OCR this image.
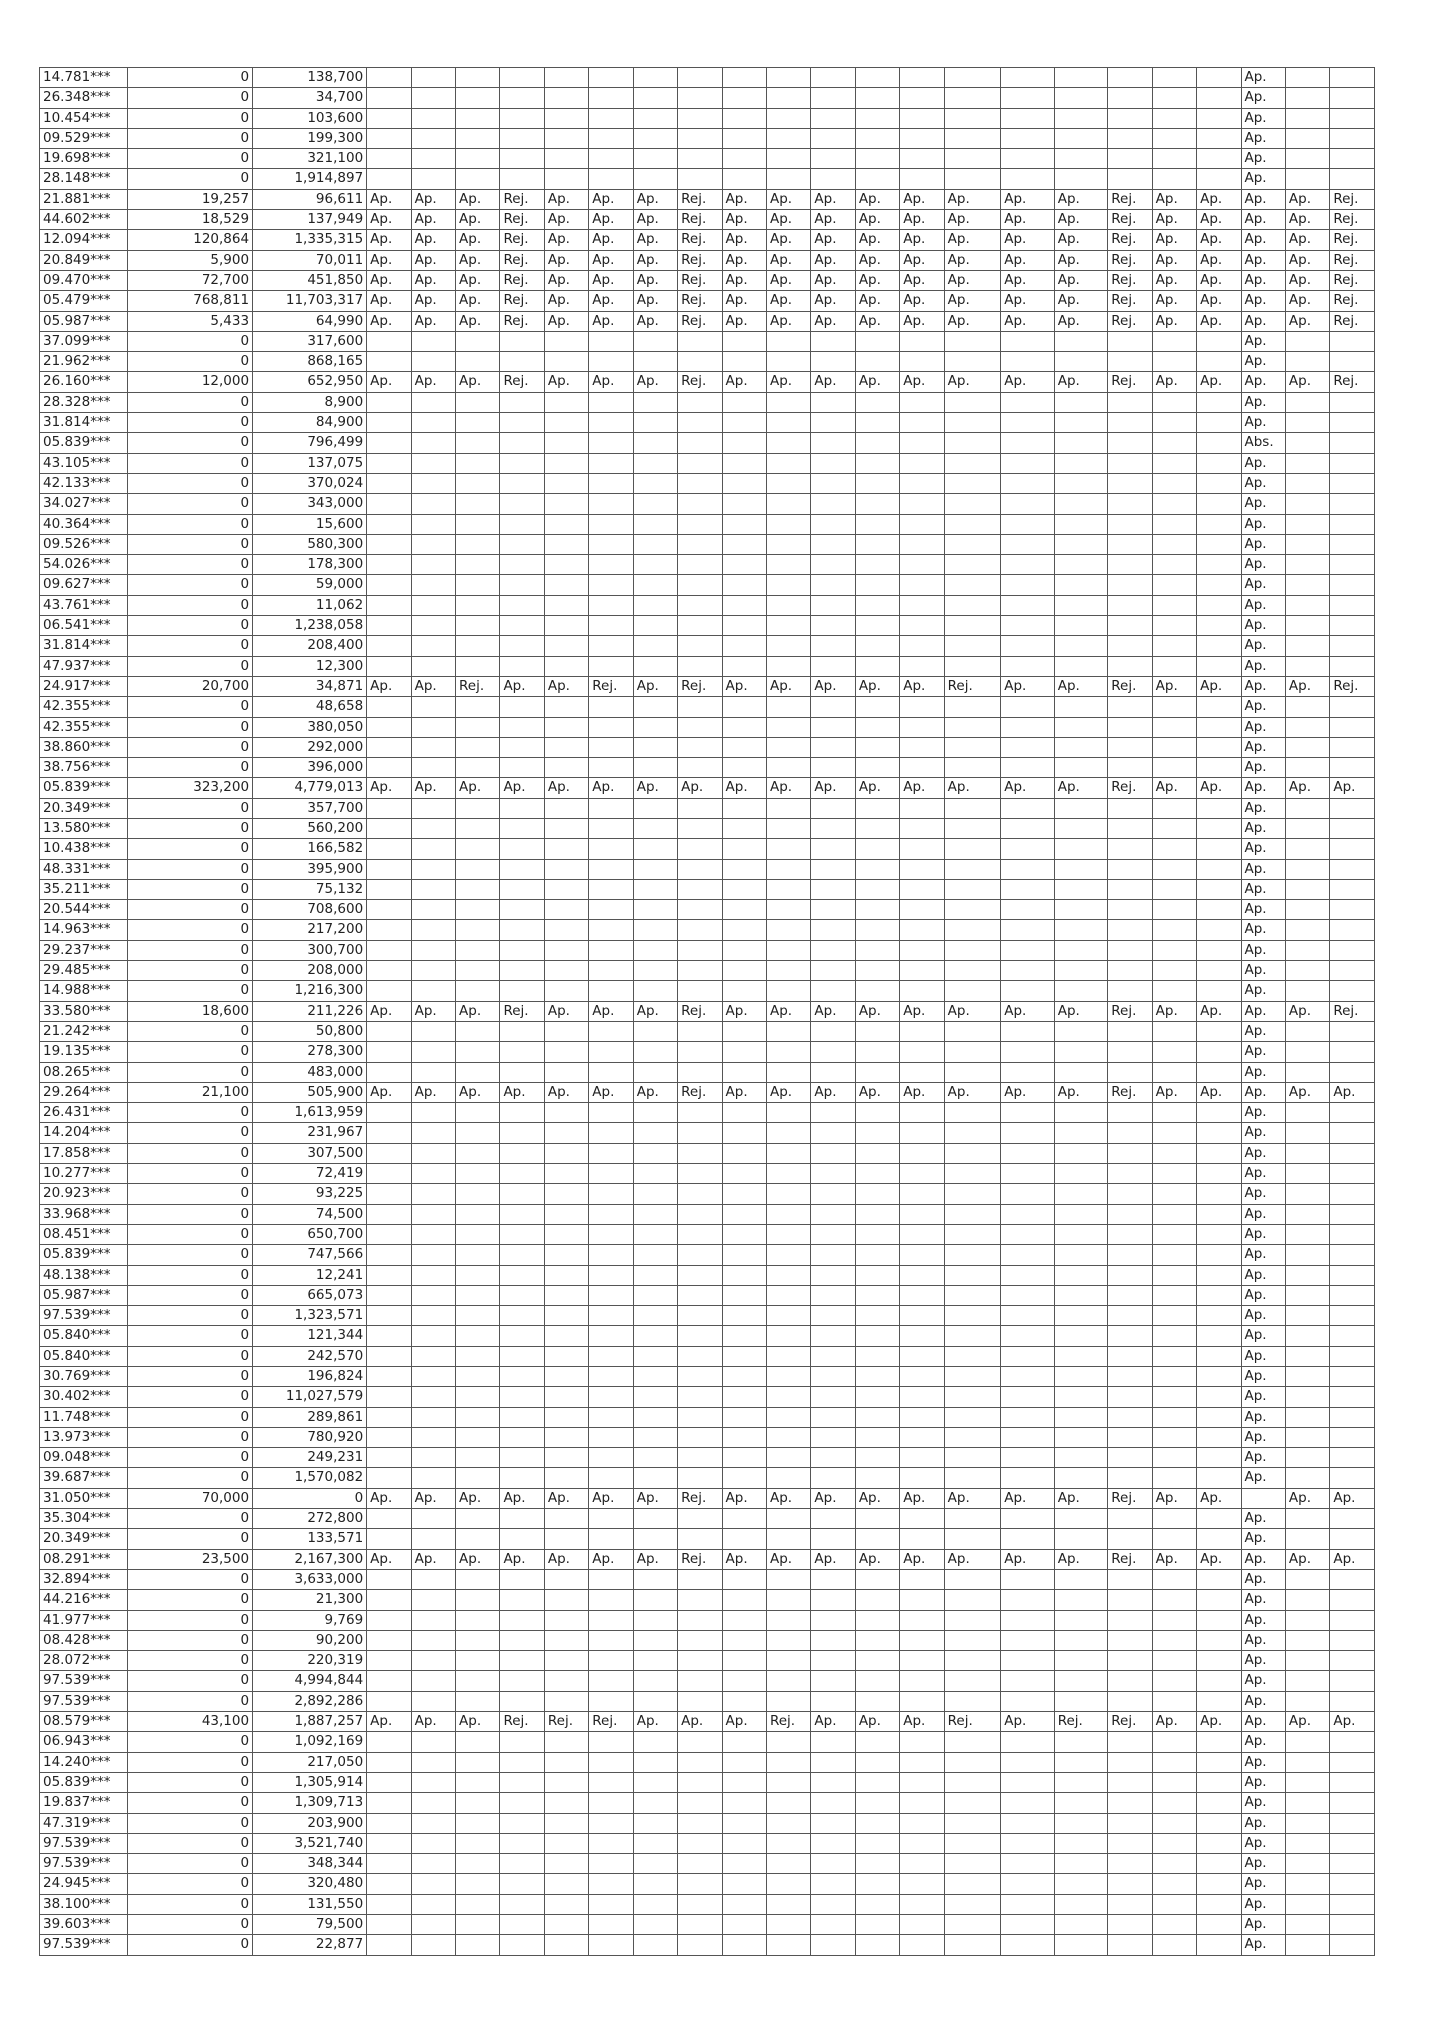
14.781***	0	138,700																				Ap.		
26.348***	0	34,700																				Ap.		
10.454***	0	103,600																				Ap.		
09.529***	0	199,300																				Ap.		
19.698***	0	321,100																				Ap.		
28.148***	0	1,914,897																				Ap.		
21.881***	19,257	96,611	Ap.	Ap.	Ap.	Rej.	Ap.	Ap.	Ap.	Rej.	Ap.	Ap.	Ap.	Ap.	Ap.	Ap.	Ap.	Ap.	Rej.	Ap.	Ap.	Ap.	Ap.	Rej.
44.602***	18,529	137,949	Ap.	Ap.	Ap.	Rej.	Ap.	Ap.	Ap.	Rej.	Ap.	Ap.	Ap.	Ap.	Ap.	Ap.	Ap.	Ap.	Rej.	Ap.	Ap.	Ap.	Ap.	Rej.
12.094***	120,864	1,335,315	Ap.	Ap.	Ap.	Rej.	Ap.	Ap.	Ap.	Rej.	Ap.	Ap.	Ap.	Ap.	Ap.	Ap.	Ap.	Ap.	Rej.	Ap.	Ap.	Ap.	Ap.	Rej.
20.849***	5,900	70,011	Ap.	Ap.	Ap.	Rej.	Ap.	Ap.	Ap.	Rej.	Ap.	Ap.	Ap.	Ap.	Ap.	Ap.	Ap.	Ap.	Rej.	Ap.	Ap.	Ap.	Ap.	Rej.
09.470***	72,700	451,850	Ap.	Ap.	Ap.	Rej.	Ap.	Ap.	Ap.	Rej.	Ap.	Ap.	Ap.	Ap.	Ap.	Ap.	Ap.	Ap.	Rej.	Ap.	Ap.	Ap.	Ap.	Rej.
05.479***	768,811	11,703,317	Ap.	Ap.	Ap.	Rej.	Ap.	Ap.	Ap.	Rej.	Ap.	Ap.	Ap.	Ap.	Ap.	Ap.	Ap.	Ap.	Rej.	Ap.	Ap.	Ap.	Ap.	Rej.
05.987***	5,433	64,990	Ap.	Ap.	Ap.	Rej.	Ap.	Ap.	Ap.	Rej.	Ap.	Ap.	Ap.	Ap.	Ap.	Ap.	Ap.	Ap.	Rej.	Ap.	Ap.	Ap.	Ap.	Rej.
37.099***	0	317,600																				Ap.		
21.962***	0	868,165																				Ap.		
26.160***	12,000	652,950	Ap.	Ap.	Ap.	Rej.	Ap.	Ap.	Ap.	Rej.	Ap.	Ap.	Ap.	Ap.	Ap.	Ap.	Ap.	Ap.	Rej.	Ap.	Ap.	Ap.	Ap.	Rej.
28.328***	0	8,900																				Ap.		
31.814***	0	84,900																				Ap.		
05.839***	0	796,499																				Abs.		
43.105***	0	137,075																				Ap.		
42.133***	0	370,024																				Ap.		
34.027***	0	343,000																				Ap.		
40.364***	0	15,600																				Ap.		
09.526***	0	580,300																				Ap.		
54.026***	0	178,300																				Ap.		
09.627***	0	59,000																				Ap.		
43.761***	0	11,062																				Ap.		
06.541***	0	1,238,058																				Ap.		
31.814***	0	208,400																				Ap.		
47.937***	0	12,300																				Ap.		
24.917***	20,700	34,871	Ap.	Ap.	Rej.	Ap.	Ap.	Rej.	Ap.	Rej.	Ap.	Ap.	Ap.	Ap.	Ap.	Rej.	Ap.	Ap.	Rej.	Ap.	Ap.	Ap.	Ap.	Rej.
42.355***	0	48,658																				Ap.		
42.355***	0	380,050																				Ap.		
38.860***	0	292,000																				Ap.		
38.756***	0	396,000																				Ap.		
05.839***	323,200	4,779,013	Ap.	Ap.	Ap.	Ap.	Ap.	Ap.	Ap.	Ap.	Ap.	Ap.	Ap.	Ap.	Ap.	Ap.	Ap.	Ap.	Rej.	Ap.	Ap.	Ap.	Ap.	Ap.
20.349***	0	357,700																				Ap.		
13.580***	0	560,200																				Ap.		
10.438***	0	166,582																				Ap.		
48.331***	0	395,900																				Ap.		
35.211***	0	75,132																				Ap.		
20.544***	0	708,600																				Ap.		
14.963***	0	217,200																				Ap.		
29.237***	0	300,700																				Ap.		
29.485***	0	208,000																				Ap.		
14.988***	0	1,216,300																				Ap.		
33.580***	18,600	211,226	Ap.	Ap.	Ap.	Rej.	Ap.	Ap.	Ap.	Rej.	Ap.	Ap.	Ap.	Ap.	Ap.	Ap.	Ap.	Ap.	Rej.	Ap.	Ap.	Ap.	Ap.	Rej.
21.242***	0	50,800																				Ap.		
19.135***	0	278,300																				Ap.		
08.265***	0	483,000																				Ap.		
29.264***	21,100	505,900	Ap.	Ap.	Ap.	Ap.	Ap.	Ap.	Ap.	Rej.	Ap.	Ap.	Ap.	Ap.	Ap.	Ap.	Ap.	Ap.	Rej.	Ap.	Ap.	Ap.	Ap.	Ap.
26.431***	0	1,613,959																				Ap.		
14.204***	0	231,967																				Ap.		
17.858***	0	307,500																				Ap.		
10.277***	0	72,419																				Ap.		
20.923***	0	93,225																				Ap.		
33.968***	0	74,500																				Ap.		
08.451***	0	650,700																				Ap.		
05.839***	0	747,566																				Ap.		
48.138***	0	12,241																				Ap.		
05.987***	0	665,073																				Ap.		
97.539***	0	1,323,571																				Ap.		
05.840***	0	121,344																				Ap.		
05.840***	0	242,570																				Ap.		
30.769***	0	196,824																				Ap.		
30.402***	0	11,027,579																				Ap.		
11.748***	0	289,861																				Ap.		
13.973***	0	780,920																				Ap.		
09.048***	0	249,231																				Ap.		
39.687***	0	1,570,082																				Ap.		
31.050***	70,000	0	Ap.	Ap.	Ap.	Ap.	Ap.	Ap.	Ap.	Rej.	Ap.	Ap.	Ap.	Ap.	Ap.	Ap.	Ap.	Ap.	Rej.	Ap.	Ap.		Ap.	Ap.
35.304***	0	272,800																				Ap.		
20.349***	0	133,571																				Ap.		
08.291***	23,500	2,167,300	Ap.	Ap.	Ap.	Ap.	Ap.	Ap.	Ap.	Rej.	Ap.	Ap.	Ap.	Ap.	Ap.	Ap.	Ap.	Ap.	Rej.	Ap.	Ap.	Ap.	Ap.	Ap.
32.894***	0	3,633,000																				Ap.		
44.216***	0	21,300																				Ap.		
41.977***	0	9,769																				Ap.		
08.428***	0	90,200																				Ap.		
28.072***	0	220,319																				Ap.		
97.539***	0	4,994,844																				Ap.		
97.539***	0	2,892,286																				Ap.		
08.579***	43,100	1,887,257	Ap.	Ap.	Ap.	Rej.	Rej.	Rej.	Ap.	Ap.	Ap.	Rej.	Ap.	Ap.	Ap.	Rej.	Ap.	Rej.	Rej.	Ap.	Ap.	Ap.	Ap.	Ap.
06.943***	0	1,092,169																				Ap.		
14.240***	0	217,050																				Ap.		
05.839***	0	1,305,914																				Ap.		
19.837***	0	1,309,713																				Ap.		
47.319***	0	203,900																				Ap.		
97.539***	0	3,521,740																				Ap.		
97.539***	0	348,344																				Ap.		
24.945***	0	320,480																				Ap.		
38.100***	0	131,550																				Ap.		
39.603***	0	79,500																				Ap.		
97.539***	0	22,877																				Ap.		
